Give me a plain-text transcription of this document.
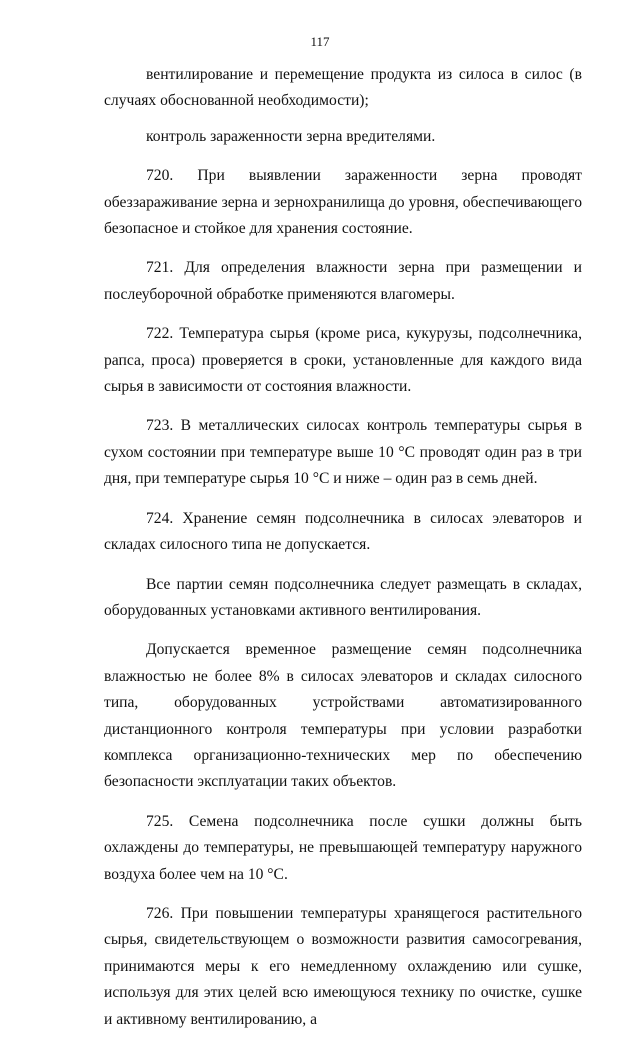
117

вентилирование и перемещение продукта из силоса в силос (в случаях обоснованной необходимости);

контроль зараженности зерна вредителями.

720. При выявлении зараженности зерна проводят обеззараживание зерна и зернохранилища до уровня, обеспечивающего безопасное и стойкое для хранения состояние.

721. Для определения влажности зерна при размещении и послеуборочной обработке применяются влагомеры.

722. Температура сырья (кроме риса, кукурузы, подсолнечника, рапса, проса) проверяется в сроки, установленные для каждого вида сырья в зависимости от состояния влажности.

723. В металлических силосах контроль температуры сырья в сухом состоянии при температуре выше 10 °C проводят один раз в три дня, при температуре сырья 10 °C и ниже – один раз в семь дней.

724. Хранение семян подсолнечника в силосах элеваторов и складах силосного типа не допускается.

Все партии семян подсолнечника следует размещать в складах, оборудованных установками активного вентилирования.

Допускается временное размещение семян подсолнечника влажностью не более 8% в силосах элеваторов и складах силосного типа, оборудованных устройствами автоматизированного дистанционного контроля температуры при условии разработки комплекса организационно-технических мер по обеспечению безопасности эксплуатации таких объектов.

725. Семена подсолнечника после сушки должны быть охлаждены до температуры, не превышающей температуру наружного воздуха более чем на 10 °C.

726. При повышении температуры хранящегося растительного сырья, свидетельствующем о возможности развития самосогревания, принимаются меры к его немедленному охлаждению или сушке, используя для этих целей всю имеющуюся технику по очистке, сушке и активному вентилированию, а
